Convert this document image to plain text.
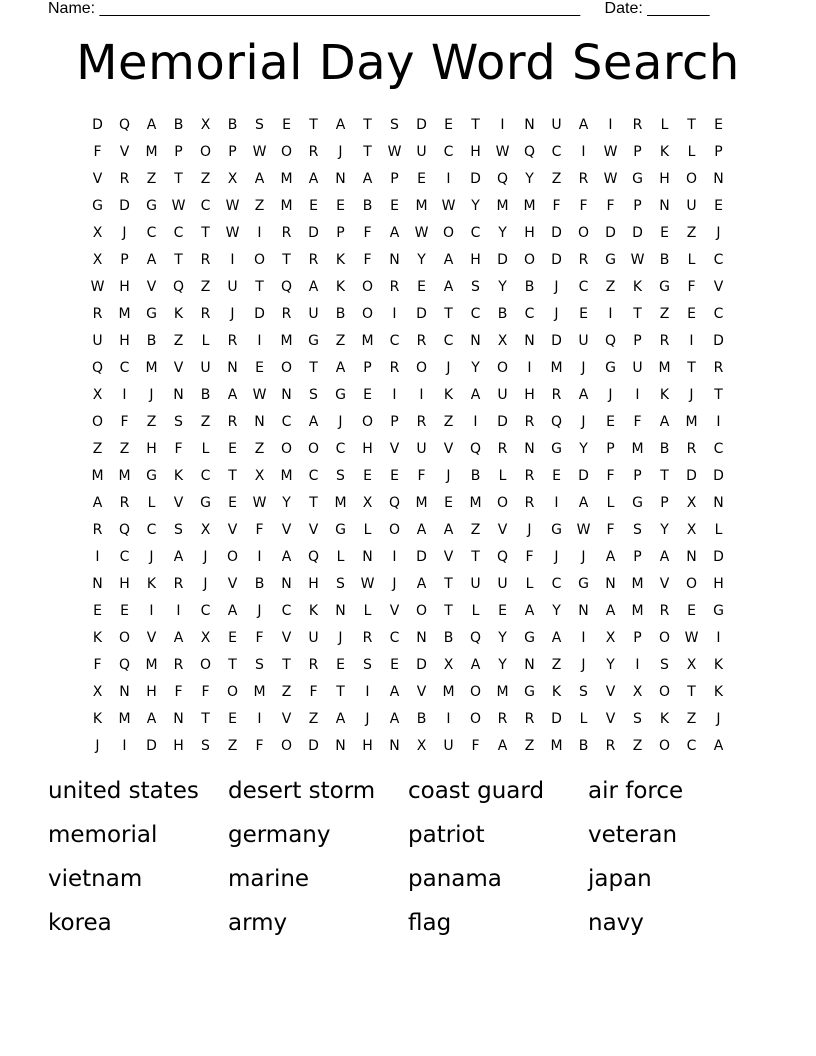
Name: ______________________________________________________ Date: _______
Memorial Day Word Search
D	Q	A	B	X	B	S	E	T	A	T	S	D	E	T	I	N	U	A	I	R	L	T	E
F	V	M	P	O	P	W	O	R	J	T	W	U	C	H	W	Q	C	I	W	P	K	L	P
V	R	Z	T	Z	X	A	M	A	N	A	P	E	I	D	Q	Y	Z	R	W	G	H	O	N
G	D	G	W	C	W	Z	M	E	E	B	E	M	W	Y	M	M	F	F	F	P	N	U	E
X	J	C	C	T	W	I	R	D	P	F	A	W	O	C	Y	H	D	O	D	D	E	Z	J
X	P	A	T	R	I	O	T	R	K	F	N	Y	A	H	D	O	D	R	G	W	B	L	C
W	H	V	Q	Z	U	T	Q	A	K	O	R	E	A	S	Y	B	J	C	Z	K	G	F	V
R	M	G	K	R	J	D	R	U	B	O	I	D	T	C	B	C	J	E	I	T	Z	E	C
U	H	B	Z	L	R	I	M	G	Z	M	C	R	C	N	X	N	D	U	Q	P	R	I	D
Q	C	M	V	U	N	E	O	T	A	P	R	O	J	Y	O	I	M	J	G	U	M	T	R
X	I	J	N	B	A	W	N	S	G	E	I	I	K	A	U	H	R	A	J	I	K	J	T
O	F	Z	S	Z	R	N	C	A	J	O	P	R	Z	I	D	R	Q	J	E	F	A	M	I
Z	Z	H	F	L	E	Z	O	O	C	H	V	U	V	Q	R	N	G	Y	P	M	B	R	C
M	M	G	K	C	T	X	M	C	S	E	E	F	J	B	L	R	E	D	F	P	T	D	D
A	R	L	V	G	E	W	Y	T	M	X	Q	M	E	M	O	R	I	A	L	G	P	X	N
R	Q	C	S	X	V	F	V	V	G	L	O	A	A	Z	V	J	G	W	F	S	Y	X	L
I	C	J	A	J	O	I	A	Q	L	N	I	D	V	T	Q	F	J	J	A	P	A	N	D
N	H	K	R	J	V	B	N	H	S	W	J	A	T	U	U	L	C	G	N	M	V	O	H
E	E	I	I	C	A	J	C	K	N	L	V	O	T	L	E	A	Y	N	A	M	R	E	G
K	O	V	A	X	E	F	V	U	J	R	C	N	B	Q	Y	G	A	I	X	P	O	W	I
F	Q	M	R	O	T	S	T	R	E	S	E	D	X	A	Y	N	Z	J	Y	I	S	X	K
X	N	H	F	F	O	M	Z	F	T	I	A	V	M	O	M	G	K	S	V	X	O	T	K
K	M	A	N	T	E	I	V	Z	A	J	A	B	I	O	R	R	D	L	V	S	K	Z	J
J	I	D	H	S	Z	F	O	D	N	H	N	X	U	F	A	Z	M	B	R	Z	O	C	A
united states	desert storm	coast guard	air force
memorial	germany	patriot	veteran
vietnam	marine	panama	japan
korea	army	flag	navy
